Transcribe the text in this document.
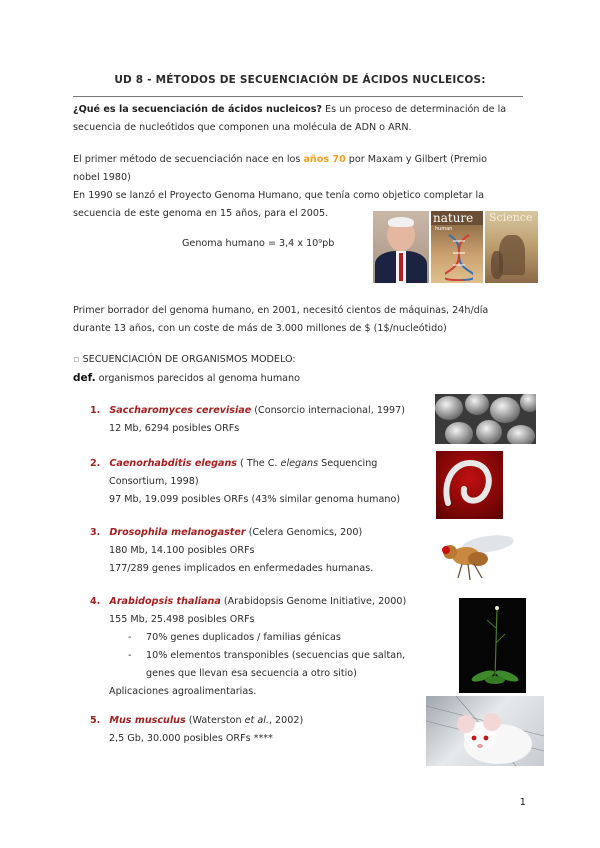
UD 8 - MÉTODOS DE SECUENCIACIÓN DE ÁCIDOS NUCLEICOS:
¿Qué es la secuenciación de ácidos nucleicos? Es un proceso de determinación de la
secuencia de nucleótidos que componen una molécula de ADN o ARN.
El primer método de secuenciación nace en los años 70 por Maxam y Gilbert (Premio
nobel 1980)
En 1990 se lanzó el Proyecto Genoma Humano, que tenía como objetico completar la
secuencia de este genoma en 15 años, para el 2005.
Genoma humano = 3,4 x 10⁹pb
nature
human
Science
Primer borrador del genoma humano, en 2001, necesitó cientos de máquinas, 24h/día
durante 13 años, con un coste de más de 3.000 millones de $ (1$/nucleótido)
▫ SECUENCIACIÓN DE ORGANISMOS MODELO:
def. organismos parecidos al genoma humano
1. Saccharomyces cerevisiae (Consorcio internacional, 1997)
12 Mb, 6294 posibles ORFs
2. Caenorhabditis elegans ( The C. elegans Sequencing
Consortium, 1998)
97 Mb, 19.099 posibles ORFs (43% similar genoma humano)
3. Drosophila melanogaster (Celera Genomics, 200)
180 Mb, 14.100 posibles ORFs
177/289 genes implicados en enfermedades humanas.
4. Arabidopsis thaliana (Arabidopsis Genome Initiative, 2000)
155 Mb, 25.498 posibles ORFs
- 70% genes duplicados / familias génicas
- 10% elementos transponibles (secuencias que saltan,
genes que llevan esa secuencia a otro sitio)
Aplicaciones agroalimentarias.
5. Mus musculus (Waterston et al., 2002)
2,5 Gb, 30.000 posibles ORFs ****
1
